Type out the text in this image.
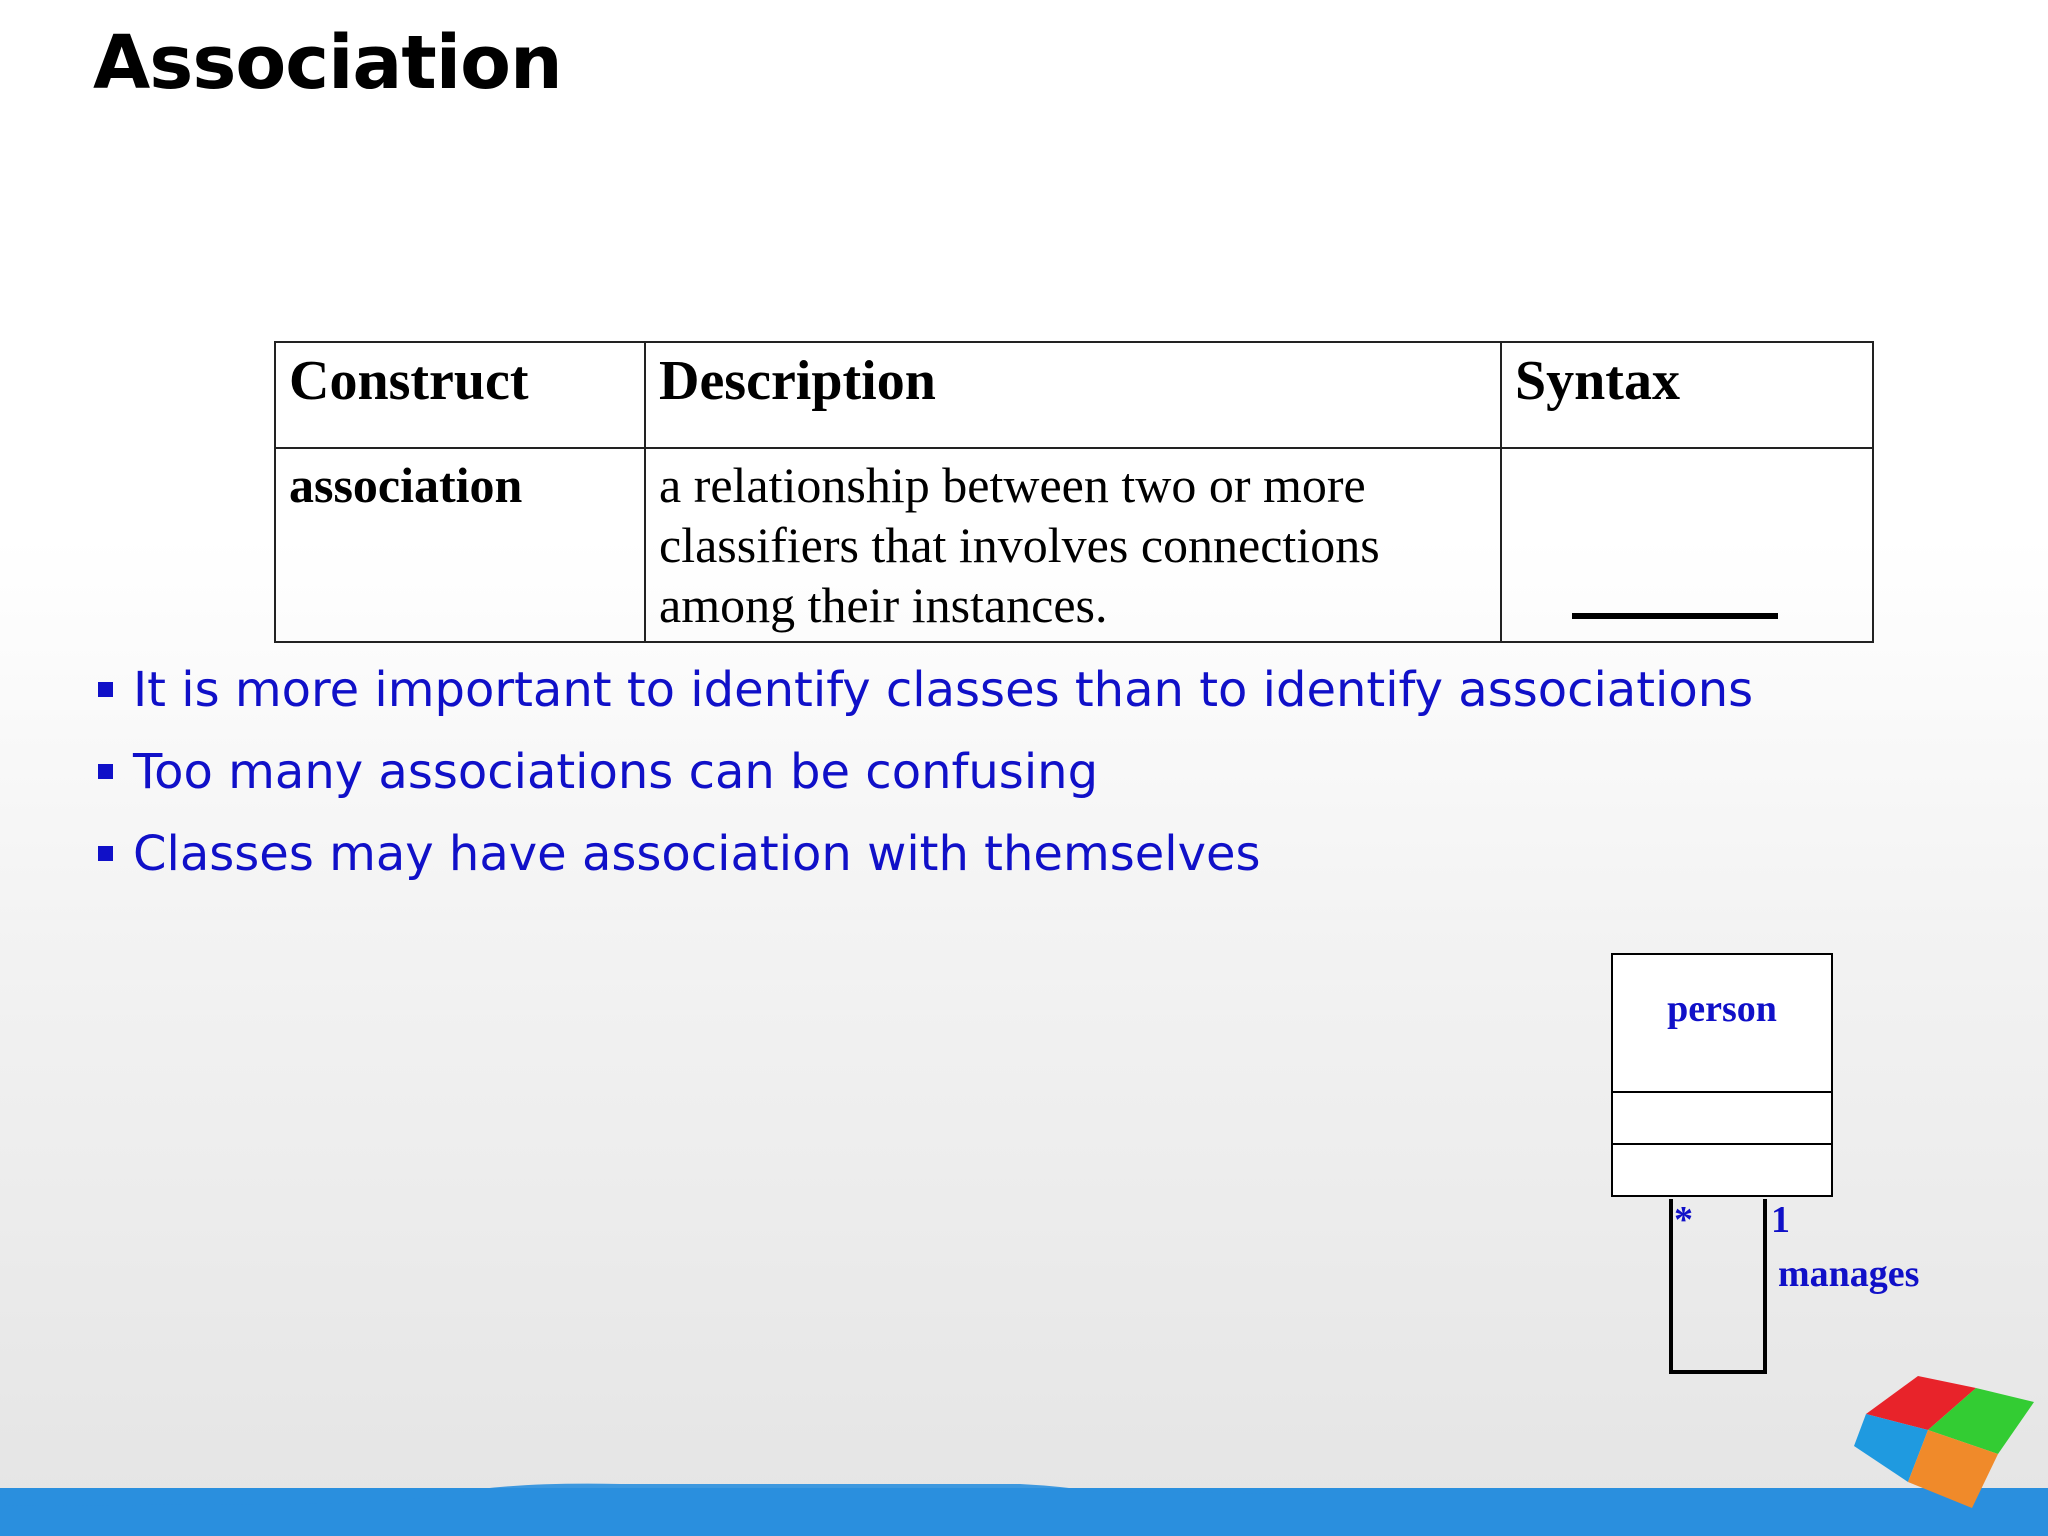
Association
Construct	Description	Syntax
association	a relationship between two or more classifiers that involves connections among their instances.	
It is more important to identify classes than to identify associations
Too many associations can be confusing
Classes may have association with themselves
person
* 1
manages
